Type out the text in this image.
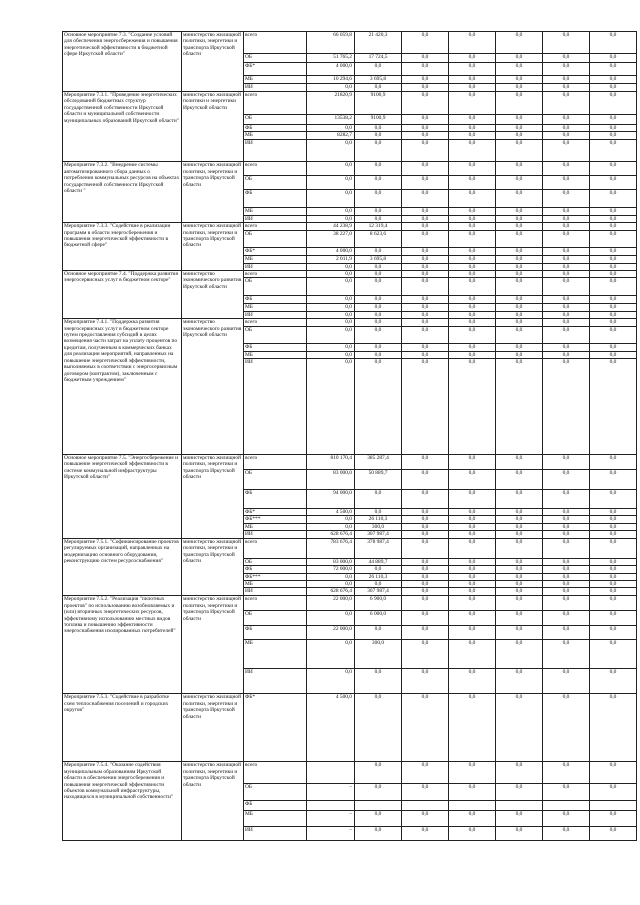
Основное мероприятие 7.3. "Создание условий для обеспечения энергосбережения и повышения энергетической эффективности в бюджетной сфере Иркутской области"	министерство жилищной политики, энергетики и транспорта Иркутской области	всего	66 059,8	21 420,3	0,0	0,0	0,0	0,0	0,0
		ОБ	51 765,2	17 724,5	0,0	0,0	0,0	0,0	0,0
		ФБ*	4 000,0	0,0	0,0	0,0	0,0	0,0	0,0
		МБ	10 294,6	3 695,8	0,0	0,0	0,0	0,0	0,0
		ИИ	0,0	0,0	0,0	0,0	0,0	0,0	0,0
Мероприятие 7.3.1. "Проведение энергетических обследований бюджетных структур государственной собственности Иркутской области и муниципальной собственности муниципальных образований Иркутской области"	министерство жилищной политики и энергетики Иркутской области	всего	21820,9	9100,9	0,0	0,0	0,0	0,0	0,0
		ОБ	13538,2	9100,9	0,0	0,0	0,0	0,0	0,0
		ФБ	0,0	0,0	0,0	0,0	0,0	0,0	0,0
		МБ	8282,7	0,0	0,0	0,0	0,0	0,0	0,0
		ИИ	0,0	0,0	0,0	0,0	0,0	0,0	0,0
Мероприятие 7.3.2. "Внедрение системы автоматизированного сбора данных о потреблении коммунальных ресурсов на объектах государственной собственности Иркутской области "	министерство жилищной политики, энергетики и транспорта Иркутской области	всего	0,0	0,0	0,0	0,0	0,0	0,0	0,0
		ОБ	0,0	0,0	0,0	0,0	0,0	0,0	0,0
		ФБ	0,0	0,0	0,0	0,0	0,0	0,0	0,0
		МБ	0,0	0,0	0,0	0,0	0,0	0,0	0,0
		ИИ	0,0	0,0	0,0	0,0	0,0	0,0	0,0
Мероприятие 7.3.3. "Содействие в реализации программ в области энергосбережения и повышения энергетической эффективности в бюджетной сфере"	министерство жилищной политики, энергетики и транспорта Иркутской области	всего	44 238,9	12 319,4	0,0	0,0	0,0	0,0	0,0
		ОБ	38 227,0	8 623,6	0,0	0,0	0,0	0,0	0,0
		ФБ*	4 000,0	0,0	0,0	0,0	0,0	0,0	0,0
		МБ	2 011,9	3 695,8	0,0	0,0	0,0	0,0	0,0
		ИИ	0,0	0,0	0,0	0,0	0,0	0,0	0,0
Основное мероприятие 7.4. "Поддержка развития энергосервисных услуг в бюджетном секторе"	министерство экономического развития Иркутской области	всего	0,0	0,0	0,0	0,0	0,0	0,0	0,0
		ОБ	0,0	0,0	0,0	0,0	0,0	0,0	0,0
		ФБ	0,0	0,0	0,0	0,0	0,0	0,0	0,0
		МБ	0,0	0,0	0,0	0,0	0,0	0,0	0,0
		ИИ	0,0	0,0	0,0	0,0	0,0	0,0	0,0
Мероприятие 7.4.1. "Поддержка развития энергосервисных услуг в бюджетном секторе путем предоставления субсидий в целях возмещения части затрат на уплату процентов по кредитам, полученным в коммерческих банках для реализации мероприятий, направленных на повышение энергетической эффективности, выполняемых в соответствии с энергосервисным договором (контрактом), заключенным с бюджетным учреждением"	министерство экономического развития Иркутской области	всего	0,0	0,0	0,0	0,0	0,0	0,0	0,0
		ОБ	0,0	0,0	0,0	0,0	0,0	0,0	0,0
		ФБ	0,0	0,0	0,0	0,0	0,0	0,0	0,0
		МБ	0,0	0,0	0,0	0,0	0,0	0,0	0,0
		ИИ	0,0	0,0	0,0	0,0	0,0	0,0	0,0
Основное мероприятие 7.5. "Энергосбережение и повышение энергетической эффективности в системе коммунальной инфраструктуры Иркутской области"	министерство жилищной политики, энергетики и транспорта Иркутской области	всего	810 170,4	385 287,4	0,0	0,0	0,0	0,0	0,0
		ОБ	83 000,0	50 889,7	0,0	0,0	0,0	0,0	0,0
		ФБ	94 000,0	0,0	0,0	0,0	0,0	0,0	0,0
		ФБ*	4 500,0	0,0	0,0	0,0	0,0	0,0	0,0
		ФБ***	0,0	26 110,3	0,0	0,0	0,0	0,0	0,0
		МБ	0,0	300,0	0,0	0,0	0,0	0,0	0,0
		ИИ	628 676,4	307 987,4	0,0	0,0	0,0	0,0	0,0
Мероприятие 7.5.1. "Софинансирование проектов регулируемых организаций, направленных на модернизацию основного оборудования, реконструкцию систем ресурсоснабжения"	министерство жилищной политики, энергетики и транспорта Иркутской области	всего	783 676,4	378 987,4	0,0	0,0	0,0	0,0	0,0
		ОБ	83 000,0	44 889,7	0,0	0,0	0,0	0,0	0,0
		ФБ	72 000,0	0,0	0,0	0,0	0,0	0,0	0,0
		ФБ***	0,0	26 110,3	0,0	0,0	0,0	0,0	0,0
		МБ	0,0	0,0	0,0	0,0	0,0	0,0	0,0
		ИИ	628 676,4	307 987,4	0,0	0,0	0,0	0,0	0,0
Мероприятие 7.5.2. "Реализация "пилотных проектов" по использованию возобновляемых и (или) вторичных энергетических ресурсов, эффективному использованию местных видов топлива и повышению эффективности энергоснабжения изолированных потребителей"	министерство жилищной политики, энергетики и транспорта Иркутской области	всего	22 000,0	6 900,0	0,0	0,0	0,0	0,0	0,0
		ОБ	0,0	6 000,0	0,0	0,0	0,0	0,0	0,0
		ФБ	22 000,0	0,0	0,0	0,0	0,0	0,0	0,0
		МБ	0,0	300,0	0,0	0,0	0,0	0,0	0,0
		ИИ	0,0	0,0	0,0	0,0	0,0	0,0	0,0
Мероприятие 7.5.3. "Содействие в разработке схем теплоснабжения поселений и городских округов"	министерство жилищной политики, энергетики и транспорта Иркутской области	ФБ*	4 500,0	0,0	0,0	0,0	0,0	0,0	0,0
Мероприятие 7.5.4. "Оказание содействия муниципальным образованиям Иркутской области в обеспечении энергосбережения и повышения энергетической эффективности объектов коммунальной инфраструктуры, находящихся в муниципальной собственности"	министерство жилищной политики, энергетики и транспорта Иркутской области	всего		0,0	0,0	0,0	0,0	0,0	0,0
		ОБ	–	0,0	0,0	0,0	0,0	0,0	0,0
		ФБ							
		МБ	–	0,0	0,0	0,0	0,0	0,0	0,0
		ИИ	–	0,0	0,0	0,0	0,0	0,0	0,0
